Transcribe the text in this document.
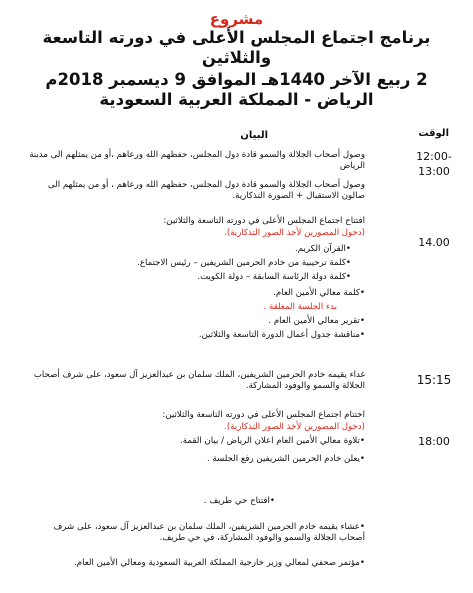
مشروع
برنامج اجتماع المجلس الأعلى في دورته التاسعة
والثلاثين
2 ربيع الآخر 1440هـ الموافق 9 ديسمبر 2018م
الرياض - المملكة العربية السعودية
الوقت
البيان
12:00-
13:00
14.00
15:15
18:00
وصول أصحاب الجلالة والسمو قادة دول المجلس، حفظهم الله ورعاهم ،أو من يمثلهم الى مدينة الرياض
وصول أصحاب الجلالة والسمو قادة دول المجلس، حفظهم الله ورعاهم ، أو من يمثلهم الى صالون الاستقبال + الصورة التذكارية.
افتتاح اجتماع المجلس الأعلى في دورته التاسعة والثلاثين:
(دخول المصورين لأخذ الصور التذكارية).
• القرآن الكريم.
• كلمة ترحيبية من خادم الحرمين الشريفين – رئيس الاجتماع.
• كلمة دولة الرئاسة السابقة – دولة الكويت.
• كلمة معالي الأمين العام.
بدء الجلسة المغلقة .
• تقرير معالي الأمين العام .
• مناقشة جدول أعمال الدورة التاسعة والثلاثين.
غداء يقيمه خادم الحرمين الشريفين، الملك سلمان بن عبدالعزيز آل سعود، على شرف أصحاب الجلالة والسمو والوفود المشاركة.
اختتام اجتماع المجلس الأعلى في دورته التاسعة والثلاثين:
(دخول المصورين لأخذ الصور التذكارية).
• تلاوة معالي الأمين العام اعلان الرياض / بيان القمة.
• يعلن خادم الحرمين الشريفين رفع الجلسة .
• افتتاح حي طريف .
• عشاء يقيمه خادم الحرمين الشريفين، الملك سلمان بن عبدالعزيز آل سعود، على شرف أصحاب الجلالة والسمو والوفود المشاركة، في حي طريف.
• مؤتمر صحفي لمعالي وزير خارجية المملكة العربية السعودية ومعالي الأمين العام.
